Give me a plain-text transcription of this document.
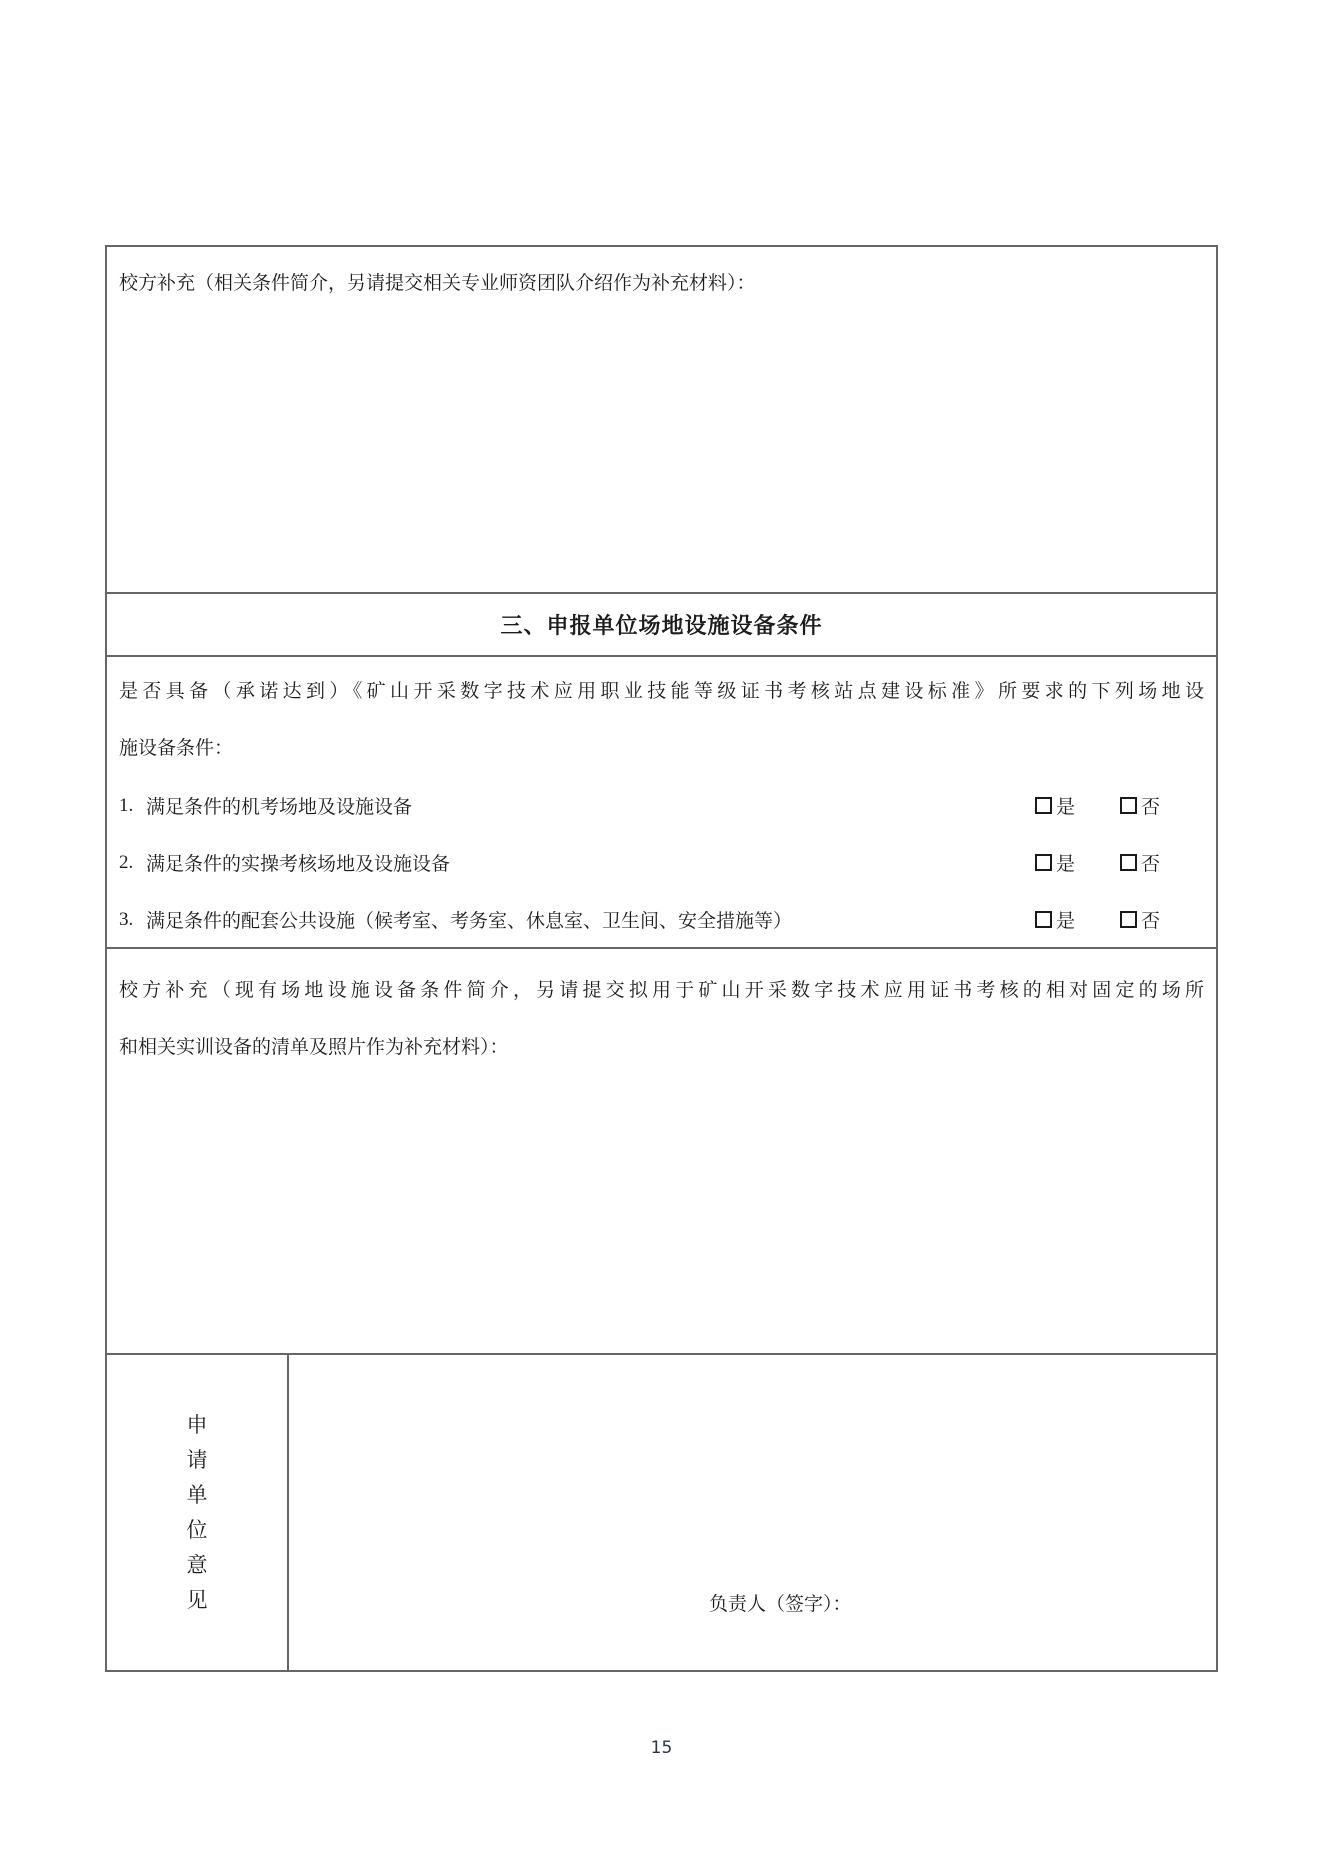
校方补充（相关条件简介，另请提交相关专业师资团队介绍作为补充材料）：
三、申报单位场地设施设备条件
是否具备（承诺达到）《矿山开采数字技术应用职业技能等级证书考核站点建设标准》所要求的下列场地设
施设备条件：
1. 满足条件的机考场地及设施设备	是	否
2. 满足条件的实操考核场地及设施设备	是	否
3. 满足条件的配套公共设施（候考室、考务室、休息室、卫生间、安全措施等）	是	否
校方补充（现有场地设施设备条件简介，另请提交拟用于矿山开采数字技术应用证书考核的相对固定的场所
和相关实训设备的清单及照片作为补充材料）：
申
请
单
位
意
见	负责人（签字）：
15
